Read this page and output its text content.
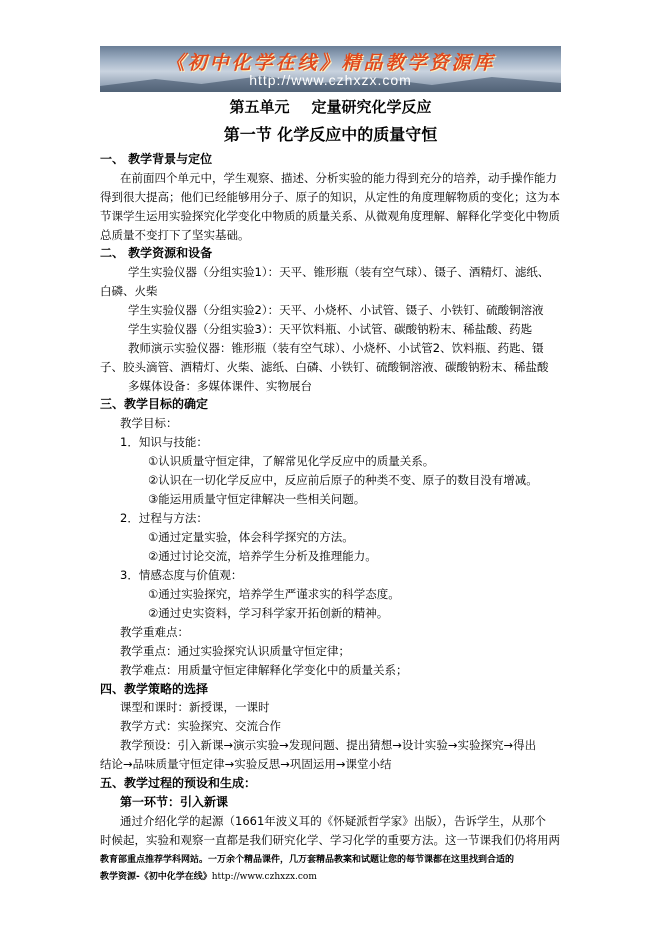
《初中化学在线》精品教学资源库
http://www.czhxzx.com
第五单元 定量研究化学反应
第一节 化学反应中的质量守恒
一、 教学背景与定位
在前面四个单元中，学生观察、描述、分析实验的能力得到充分的培养，动手操作能力
得到很大提高；他们已经能够用分子、原子的知识，从定性的角度理解物质的变化；这为本
节课学生运用实验探究化学变化中物质的质量关系、从微观角度理解、解释化学变化中物质
总质量不变打下了坚实基础。
二、 教学资源和设备
学生实验仪器（分组实验1）：天平、锥形瓶（装有空气球）、镊子、酒精灯、滤纸、
白磷、火柴
学生实验仪器（分组实验2）：天平、小烧杯、小试管、镊子、小铁钉、硫酸铜溶液
学生实验仪器（分组实验3）：天平饮料瓶、小试管、碳酸钠粉末、稀盐酸、药匙
教师演示实验仪器：锥形瓶（装有空气球）、小烧杯、小试管2、饮料瓶、药匙、镊
子、胶头滴管、酒精灯、火柴、滤纸、白磷、小铁钉、硫酸铜溶液、碳酸钠粉末、稀盐酸
多媒体设备：多媒体课件、实物展台
三、教学目标的确定
教学目标：
1．知识与技能：
①认识质量守恒定律，了解常见化学反应中的质量关系。
②认识在一切化学反应中，反应前后原子的种类不变、原子的数目没有增减。
③能运用质量守恒定律解决一些相关问题。
2．过程与方法：
①通过定量实验，体会科学探究的方法。
②通过讨论交流，培养学生分析及推理能力。
3．情感态度与价值观：
①通过实验探究，培养学生严谨求实的科学态度。
②通过史实资料，学习科学家开拓创新的精神。
教学重难点：
教学重点：通过实验探究认识质量守恒定律；
教学难点：用质量守恒定律解释化学变化中的质量关系；
四、教学策略的选择
课型和课时：新授课，一课时
教学方式：实验探究、交流合作
教学预设：引入新课→演示实验→发现问题、提出猜想→设计实验→实验探究→得出
结论→品味质量守恒定律→实验反思→巩固运用→课堂小结
五、教学过程的预设和生成：
第一环节：引入新课
通过介绍化学的起源（1661年波义耳的《怀疑派哲学家》出版），告诉学生，从那个
时候起，实验和观察一直都是我们研究化学、学习化学的重要方法。这一节课我们仍将用两
教育部重点推荐学科网站。一万余个精品课件，几万套精品教案和试题让您的每节课都在这里找到合适的
教学资源-《初中化学在线》http://www.czhxzx.com
